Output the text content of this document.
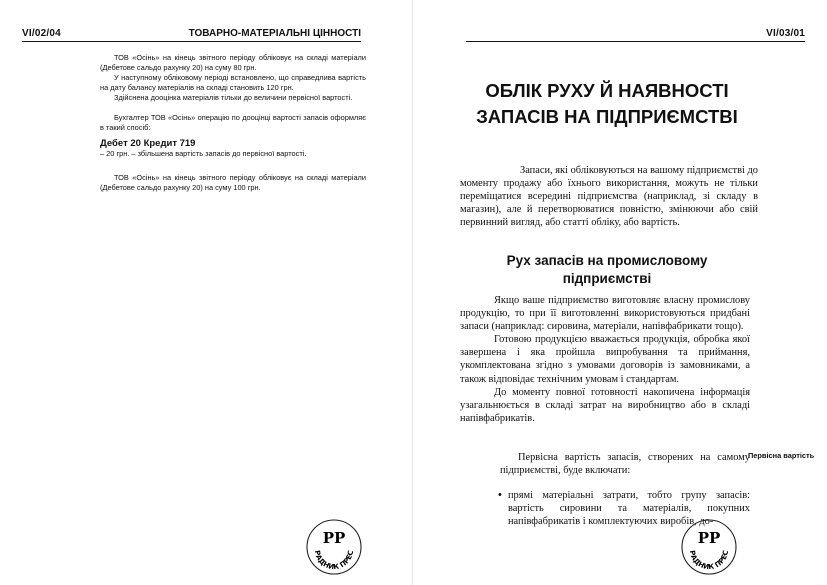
VI/02/04	ТОВАРНО-МАТЕРІАЛЬНІ ЦІННОСТІ

ТОВ «Осінь» на кінець звітного періоду обліковує на складі матеріали (Дебетове сальдо рахунку 20) на суму 80 грн.

У наступному обліковому періоді встановлено, що справедлива вартість на дату балансу матеріалів на складі становить 120 грн.

Здійснена дооцінка матеріалів тільки до величини первісної вартості.

Бухгалтер ТОВ «Осінь» операцію по дооцінці вартості запасів оформляє в такий спосіб:

Дебет 20 Кредит 719

– 20 грн. – збільшена вартість запасів до первісної вартості.

ТОВ «Осінь» на кінець звітного періоду обліковує на складі матеріали (Дебетове сальдо рахунку 20) на суму 100 грн.

РР
РАДНИК ПРЕС
VI/03/01
ОБЛІК РУХУ Й НАЯВНОСТІ ЗАПАСІВ НА ПІДПРИЄМСТВІ

Запаси, які обліковуються на вашому підприємстві до моменту продажу або їхнього використання, можуть не тільки переміщатися всередині підприємства (наприклад, зі складу в магазин), але й перетворюватися повністю, змінюючи або свій первинний вигляд, або статті обліку, або вартість.

Рух запасів на промисловому підприємстві

Якщо ваше підприємство виготовляє власну промислову продукцію, то при її виготовленні використовуються придбані запаси (наприклад: сировина, матеріали, напівфабрикати тощо).

Готовою продукцією вважається продукція, обробка якої завершена і яка пройшла випробування та приймання, укомплектована згідно з умовами договорів із замовниками, а також відповідає технічним умовам і стандартам.

До моменту повної готовності накопичена інформація узагальнюється в складі затрат на виробництво або в складі напівфабрикатів.

Первісна вартість запасів, створених на самому підприємстві, буде включати:

Первісна вартість
• прямі матеріальні затрати, тобто групу запасів: вартість сировини та матеріалів, покупних напівфабрикатів і комплектуючих виробів, до-

РР
РАДНИК ПРЕС
